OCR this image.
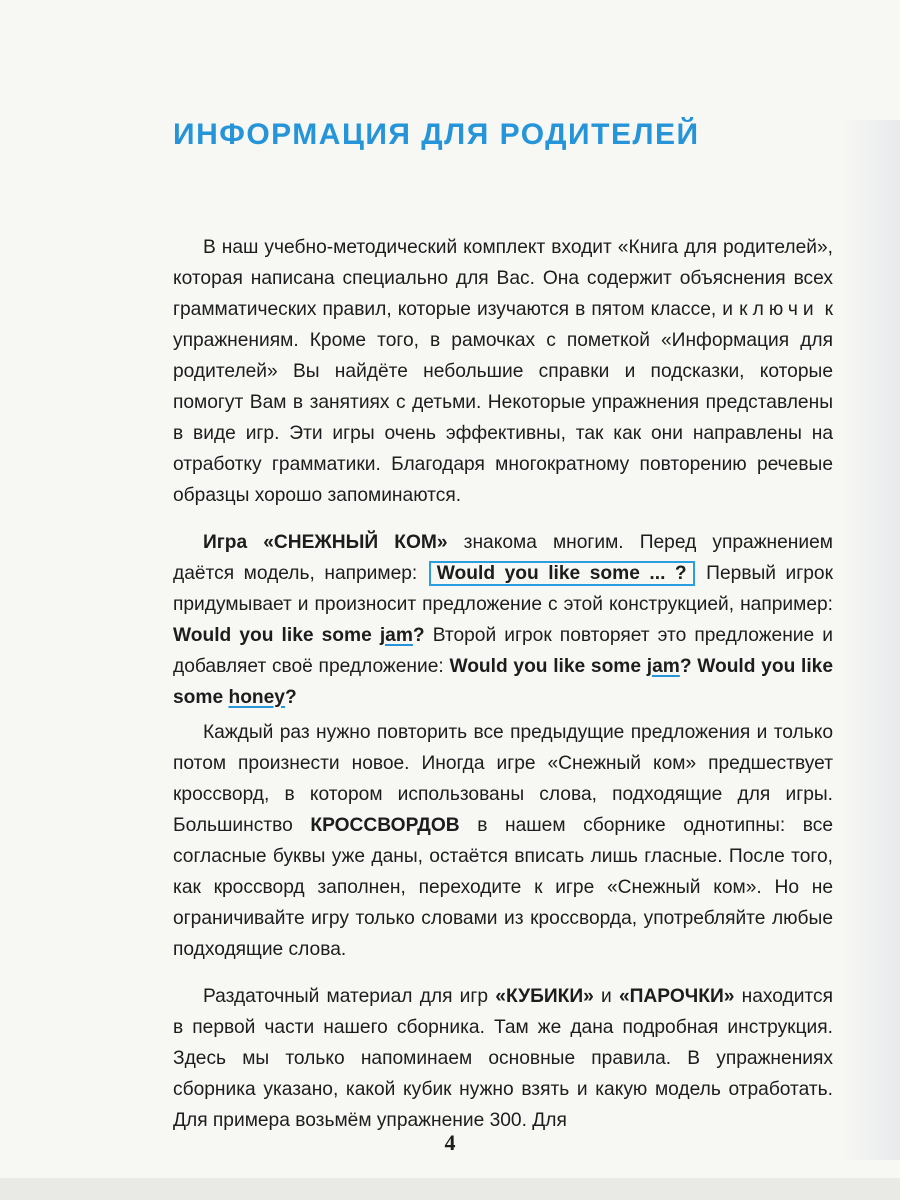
ИНФОРМАЦИЯ ДЛЯ РОДИТЕЛЕЙ

В наш учебно-методический комплект входит «Книга для родителей», которая написана специально для Вас. Она содержит объяснения всех грамматических правил, которые изучаются в пятом классе, и ключи к упражнениям. Кроме того, в рамочках с пометкой «Информация для родителей» Вы найдёте небольшие справки и подсказки, которые помогут Вам в занятиях с детьми. Некоторые упражнения представлены в виде игр. Эти игры очень эффективны, так как они направлены на отработку грамматики. Благодаря многократному повторению речевые образцы хорошо запоминаются.

Игра «СНЕЖНЫЙ КОМ» знакома многим. Перед упражнением даётся модель, например: Would you like some ... ? Первый игрок придумывает и произносит предложение с этой конструкцией, например: Would you like some jam? Второй игрок повторяет это предложение и добавляет своё предложение: Would you like some jam? Would you like some honey?

Каждый раз нужно повторить все предыдущие предложения и только потом произнести новое. Иногда игре «Снежный ком» предшествует кроссворд, в котором использованы слова, подходящие для игры. Большинство КРОССВОРДОВ в нашем сборнике однотипны: все согласные буквы уже даны, остаётся вписать лишь гласные. После того, как кроссворд заполнен, переходите к игре «Снежный ком». Но не ограничивайте игру только словами из кроссворда, употребляйте любые подходящие слова.

Раздаточный материал для игр «КУБИКИ» и «ПАРОЧКИ» находится в первой части нашего сборника. Там же дана подробная инструкция. Здесь мы только напоминаем основные правила. В упражнениях сборника указано, какой кубик нужно взять и какую модель отработать. Для примера возьмём упражнение 300. Для

4
